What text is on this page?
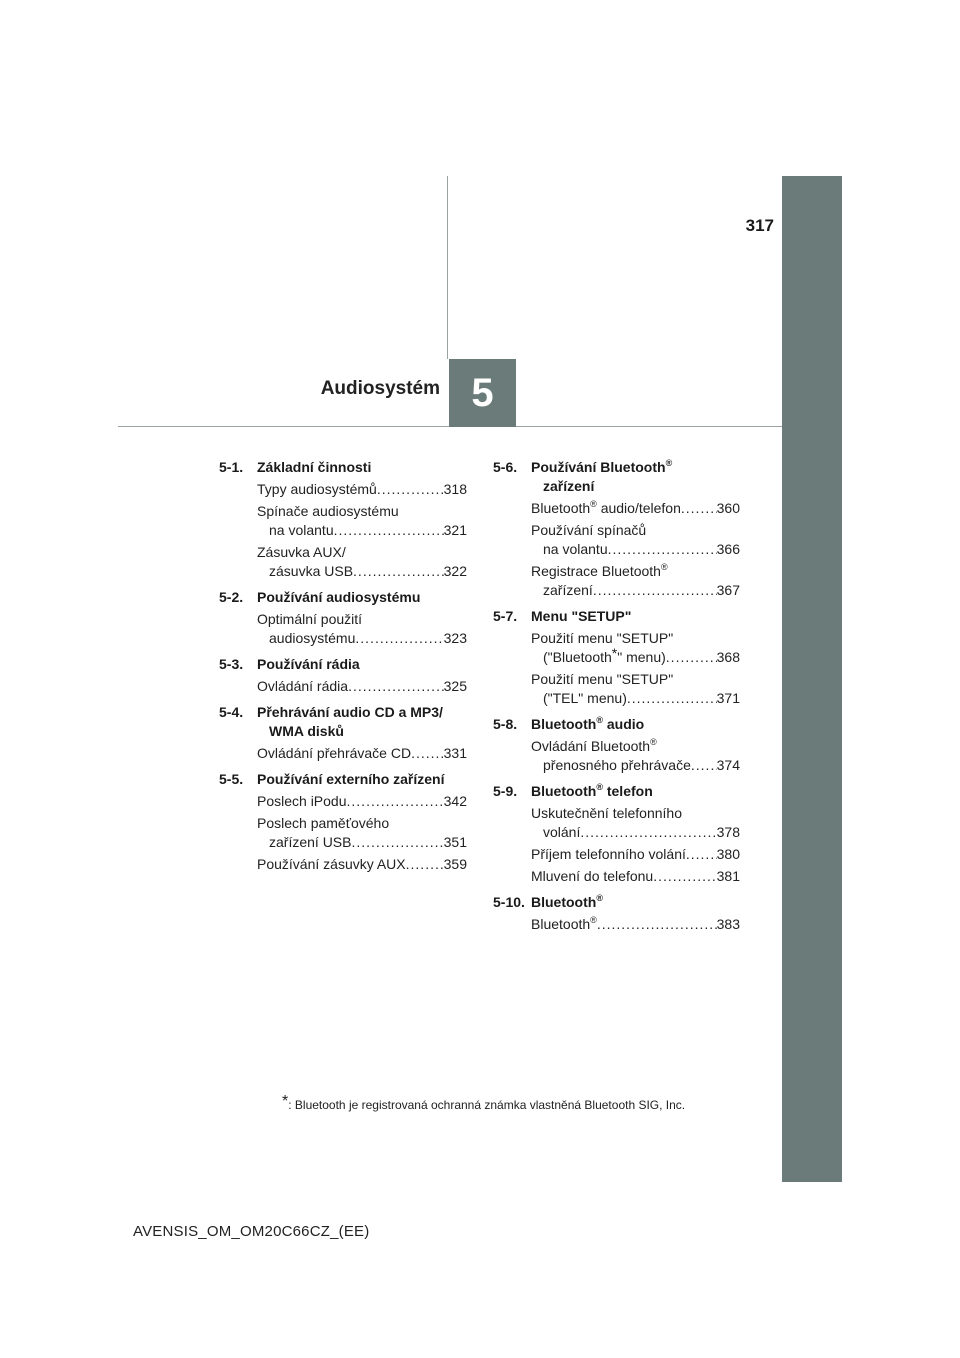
5
Audiosystém
317
5-1. Základní činnosti
Typy audiosystémů .....	318
Spínače audiosystému
na volantu .....	321
Zásuvka AUX/
zásuvka USB .....	322
5-2. Používání audiosystému
Optimální použití
audiosystému .....	323
5-3. Používání rádia
Ovládání rádia .....	325
5-4. Přehrávání audio CD a MP3/
WMA disků
Ovládání přehrávače CD ..... 331
5-5. Používání externího zařízení
Poslech iPodu .....	342
Poslech paměťového
zařízení USB .....	351
Používání zásuvky AUX .....	359
5-6. Používání Bluetooth®
zařízení
Bluetooth® audio/telefon .....	360
Používání spínačů
na volantu .....	366
Registrace Bluetooth®
zařízení .....	367
5-7. Menu "SETUP"
Použití menu "SETUP"
("Bluetooth*" menu) .....	368
Použití menu "SETUP"
("TEL" menu) .....	371
5-8. Bluetooth® audio
Ovládání Bluetooth®
přenosného přehrávače ..... 374
5-9. Bluetooth® telefon
Uskutečnění telefonního
volání .....	378
Příjem telefonního volání ..... 380
Mluvení do telefonu .....	381
5-10. Bluetooth®
Bluetooth® .....	383
*: Bluetooth je registrovaná ochranná známka vlastněná Bluetooth SIG, Inc.
AVENSIS_OM_OM20C66CZ_(EE)
